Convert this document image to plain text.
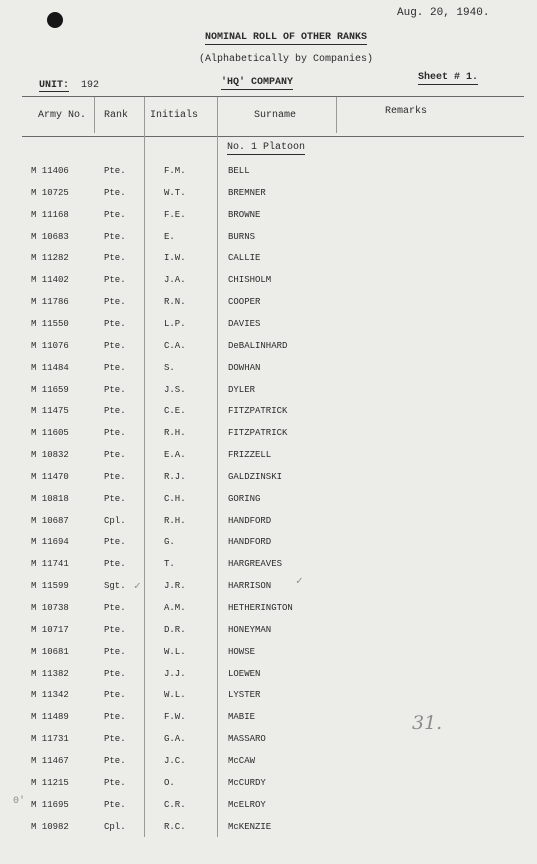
Aug. 20, 1940.
NOMINAL ROLL OF OTHER RANKS
(Alphabetically by Companies)
UNIT: 192	'HQ' COMPANY	Sheet # 1.
Army No. Rank Initials	Surname	Remarks
No. 1 Platoon
M 11406	Pte.	F.M.	BELL
M 10725	Pte.	W.T.	BREMNER
M 11168	Pte.	F.E.	BROWNE
M 10683	Pte.	E.	BURNS
M 11282	Pte.	I.W.	CALLIE
M 11402	Pte.	J.A.	CHISHOLM
M 11786	Pte.	R.N.	COOPER
M 11550	Pte.	L.P.	DAVIES
M 11076	Pte.	C.A.	DeBALINHARD
M 11484	Pte.	S.	DOWHAN
M 11659	Pte.	J.S.	DYLER
M 11475	Pte.	C.E.	FITZPATRICK
M 11605	Pte.	R.H.	FITZPATRICK
M 10832	Pte.	E.A.	FRIZZELL
M 11470	Pte.	R.J.	GALDZINSKI
M 10818	Pte.	C.H.	GORING
M 10687	Cpl.	R.H.	HANDFORD
M 11694	Pte.	G.	HANDFORD
M 11741	Pte.	T.	HARGREAVES
M 11599	Sgt.	J.R.	HARRISON
M 10738	Pte.	A.M.	HETHERINGTON
M 10717	Pte.	D.R.	HONEYMAN
M 10681	Pte.	W.L.	HOWSE
M 11382	Pte.	J.J.	LOEWEN
M 11342	Pte.	W.L.	LYSTER
M 11489	Pte.	F.W.	MABIE
M 11731	Pte.	G.A.	MASSARO
M 11467	Pte.	J.C.	McCAW
M 11215	Pte.	O.	McCURDY
M 11695	Pte.	C.R.	McELROY
M 10982	Cpl.	R.C.	McKENZIE
31.
✓	✓
0'
